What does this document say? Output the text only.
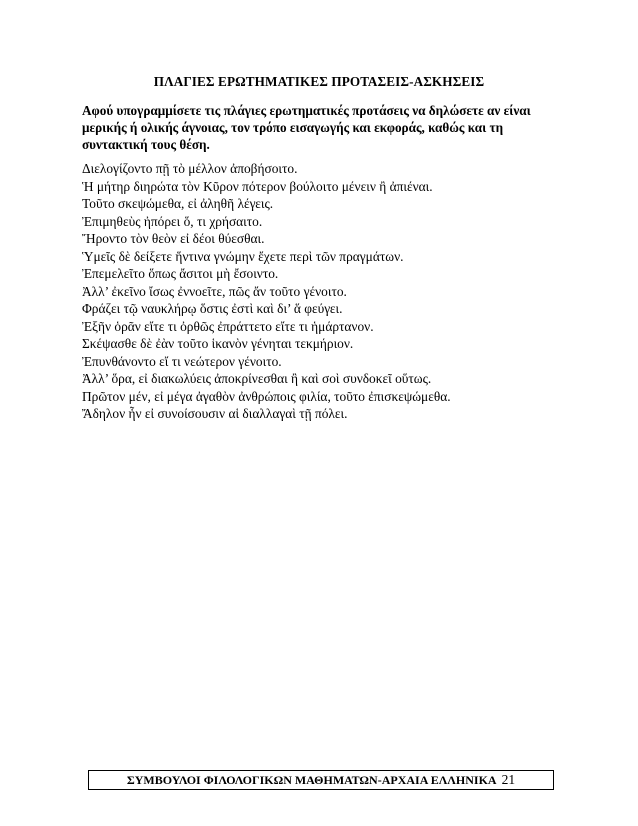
ΠΛΑΓΙΕΣ ΕΡΩΤΗΜΑΤΙΚΕΣ ΠΡΟΤΑΣΕΙΣ-ΑΣΚΗΣΕΙΣ
Αφού υπογραμμίσετε τις πλάγιες ερωτηματικές προτάσεις να δηλώσετε αν είναι μερικής ή ολικής άγνοιας, τον τρόπο εισαγωγής και εκφοράς, καθώς και τη συντακτική τους θέση.
Διελογίζοντο πῇ τὸ μέλλον ἀποβήσοιτο.
Ἡ μήτηρ διηρώτα τὸν Κῦρον πότερον βούλοιτο μένειν ἢ ἀπιέναι.
Τοῦτο σκεψώμεθα, εἰ ἀληθῆ λέγεις.
Ἐπιμηθεὺς ἠπόρει ὅ, τι χρήσαιτο.
Ἤροντο τὸν θεὸν εἰ δέοι θύεσθαι.
Ὑμεῖς δὲ δείξετε ἥντινα γνώμην ἔχετε περὶ τῶν πραγμάτων.
Ἐπεμελεῖτο ὅπως ἄσιτοι μὴ ἔσοιντο.
Ἀλλ’ ἐκεῖνο ἴσως ἐννοεῖτε, πῶς ἄν τοῦτο γένοιτο.
Φράζει τῷ ναυκλήρῳ ὅστις ἐστὶ καὶ δι’ ἅ φεύγει.
Ἐξῆν ὁρᾶν εἴτε τι ὀρθῶς ἐπράττετο εἴτε τι ἡμάρτανον.
Σκέψασθε δὲ ἐὰν τοῦτο ἱκανὸν γένηται τεκμήριον.
Ἐπυνθάνοντο εἴ τι νεώτερον γένοιτο.
Ἀλλ’ ὅρα, εἰ διακωλύεις ἀποκρίνεσθαι ἢ καὶ σοὶ συνδοκεῖ οὕτως.
Πρῶτον μέν, εἰ μέγα ἀγαθὸν ἀνθρώποις φιλία, τοῦτο ἐπισκεψώμεθα.
Ἄδηλον ἦν εἰ συνοίσουσιν αἱ διαλλαγαὶ τῇ πόλει.
ΣΥΜΒΟΥΛΟΙ ΦΙΛΟΛΟΓΙΚΩΝ ΜΑΘΗΜΑΤΩΝ-ΑΡΧΑΙΑ ΕΛΛΗΝΙΚΑ 21
